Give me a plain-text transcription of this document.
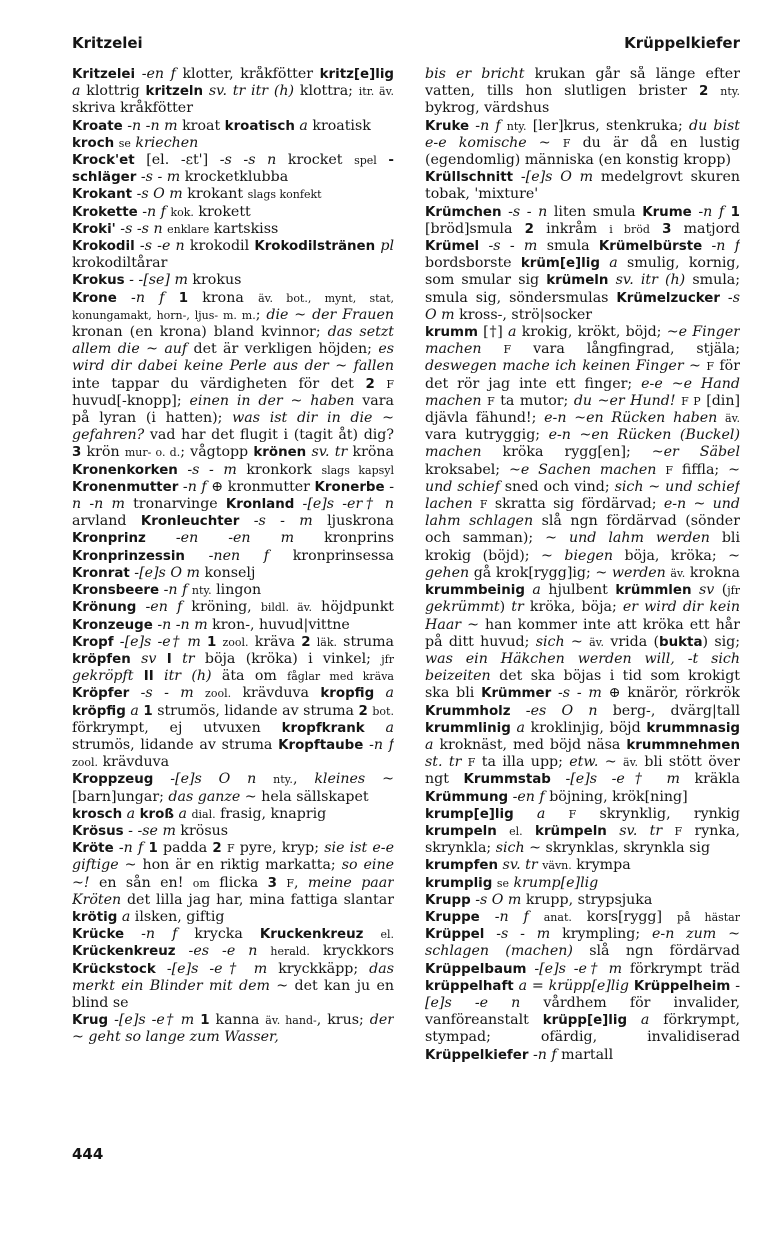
Kritzelei	Krüppelkiefer

Kritzelei -en f klotter, kråkfötter kritz[e]lig a klottrig kritzeln sv. tr itr (h) klottra; itr. äv. skriva kråkfötter

Kroate -n -n m kroat kroatisch a kroatisk

kroch se kriechen

Krock'et [el. -εt'] -s -s n krocket spel -schläger -s - m krocketklubba

Krokant -s O m krokant slags konfekt

Krokette -n f kok. krokett

Kroki' -s -s n enklare kartskiss

Krokodil -s -e n krokodil Krokodilstränen pl krokodiltårar

Krokus - -[se] m krokus

Krone -n f 1 krona äv. bot., mynt, stat, konungamakt, horn-, ljus- m. m.; die ~ der Frauen kronan (en krona) bland kvinnor; das setzt allem die ~ auf det är verkligen höjden; es wird dir dabei keine Perle aus der ~ fallen inte tappar du värdigheten för det 2 F huvud[-knopp]; einen in der ~ haben vara på lyran (i hatten); was ist dir in die ~ gefahren? vad har det flugit i (tagit åt) dig? 3 krön mur- o. d.; vågtopp krönen sv. tr kröna Kronenkorken -s - m kronkork slags kapsyl Kronenmutter -n f ⊕ kronmutter Kronerbe -n -n m tronarvinge Kronland -[e]s -er† n arvland Kronleuchter -s - m ljuskrona Kronprinz -en -en m kronprins Kronprinzessin -nen f kronprinsessa Kronrat -[e]s O m konselj

Kronsbeere -n f nty. lingon

Krönung -en f kröning, bildl. äv. höjdpunkt Kronzeuge -n -n m kron-, huvud|vittne

Kropf -[e]s -e† m 1 zool. kräva 2 läk. struma kröpfen sv I tr böja (kröka) i vinkel; jfr gekröpft II itr (h) äta om fåglar med kräva Kröpfer -s - m zool. krävduva kropfig a kröpfig a 1 strumös, lidande av struma 2 bot. förkrympt, ej utvuxen kropfkrank a strumös, lidande av struma Kropftaube -n f zool. krävduva

Kroppzeug -[e]s O n nty., kleines ~ [barn]ungar; das ganze ~ hela sällskapet

krosch a kroß a dial. frasig, knaprig

Krösus - -se m krösus

Kröte -n f 1 padda 2 F pyre, kryp; sie ist e-e giftige ~ hon är en riktig markatta; so eine ~! en sån en! om flicka 3 F, meine paar Kröten det lilla jag har, mina fattiga slantar krötig a ilsken, giftig

Krücke -n f krycka Kruckenkreuz el. Krückenkreuz -es -e n herald. kryckkors Krückstock -[e]s -e† m kryckkäpp; das merkt ein Blinder mit dem ~ det kan ju en blind se

Krug -[e]s -e† m 1 kanna äv. hand-, krus; der ~ geht so lange zum Wasser,

bis er bricht krukan går så länge efter vatten, tills hon slutligen brister 2 nty. bykrog, värdshus

Kruke -n f nty. [ler]krus, stenkruka; du bist e-e komische ~ F du är då en lustig (egendomlig) människa (en konstig kropp)

Krüllschnitt -[e]s O m medelgrovt skuren tobak, 'mixture'

Krümchen -s - n liten smula Krume -n f 1 [bröd]smula 2 inkråm i bröd 3 matjord Krümel -s - m smula Krümelbürste -n f bordsborste krüm[e]lig a smulig, kornig, som smular sig krümeln sv. itr (h) smula; smula sig, söndersmulas Krümelzucker -s O m kross-, strö|socker

krumm [†] a krokig, krökt, böjd; ~e Finger machen F vara långfingrad, stjäla; deswegen mache ich keinen Finger ~ F för det rör jag inte ett finger; e-e ~e Hand machen F ta mutor; du ~er Hund! F P [din] djävla fähund!; e-n ~en Rücken haben äv. vara kutryggig; e-n ~en Rücken (Buckel) machen kröka rygg[en]; ~er Säbel kroksabel; ~e Sachen machen F fiffla; ~ und schief sned och vind; sich ~ und schief lachen F skratta sig fördärvad; e-n ~ und lahm schlagen slå ngn fördärvad (sönder och samman); ~ und lahm werden bli krokig (böjd); ~ biegen böja, kröka; ~ gehen gå krok[rygg]ig; ~ werden äv. krokna krummbeinig a hjulbent krümmlen sv (jfr gekrümmt) tr kröka, böja; er wird dir kein Haar ~ han kommer inte att kröka ett hår på ditt huvud; sich ~ äv. vrida (bukta) sig; was ein Häkchen werden will, -t sich beizeiten det ska böjas i tid som krokigt ska bli Krümmer -s - m ⊕ knärör, rörkrök Krummholz -es O n berg-, dvärg|tall krummlinig a kroklinjig, böjd krummnasig a kroknäst, med böjd näsa krummnehmen st. tr F ta illa upp; etw. ~ äv. bli stött över ngt Krummstab -[e]s -e† m kräkla Krümmung -en f böjning, krök[ning]

krump[e]lig a F skrynklig, rynkig krumpeln el. krümpeln sv. tr F rynka, skrynkla; sich ~ skrynklas, skrynkla sig

krumpfen sv. tr vävn. krympa

krumplig se krump[e]lig

Krupp -s O m krupp, strypsjuka

Kruppe -n f anat. kors[rygg] på hästar Krüppel -s - m krympling; e-n zum ~ schlagen (machen) slå ngn fördärvad Krüppelbaum -[e]s -e† m förkrympt träd krüppelhaft a = krüpp[e]lig Krüppelheim -[e]s -e n vårdhem för invalider, vanföreanstalt krüpp[e]lig a förkrympt, stympad; ofärdig, invalidiserad Krüppelkiefer -n f martall

444
